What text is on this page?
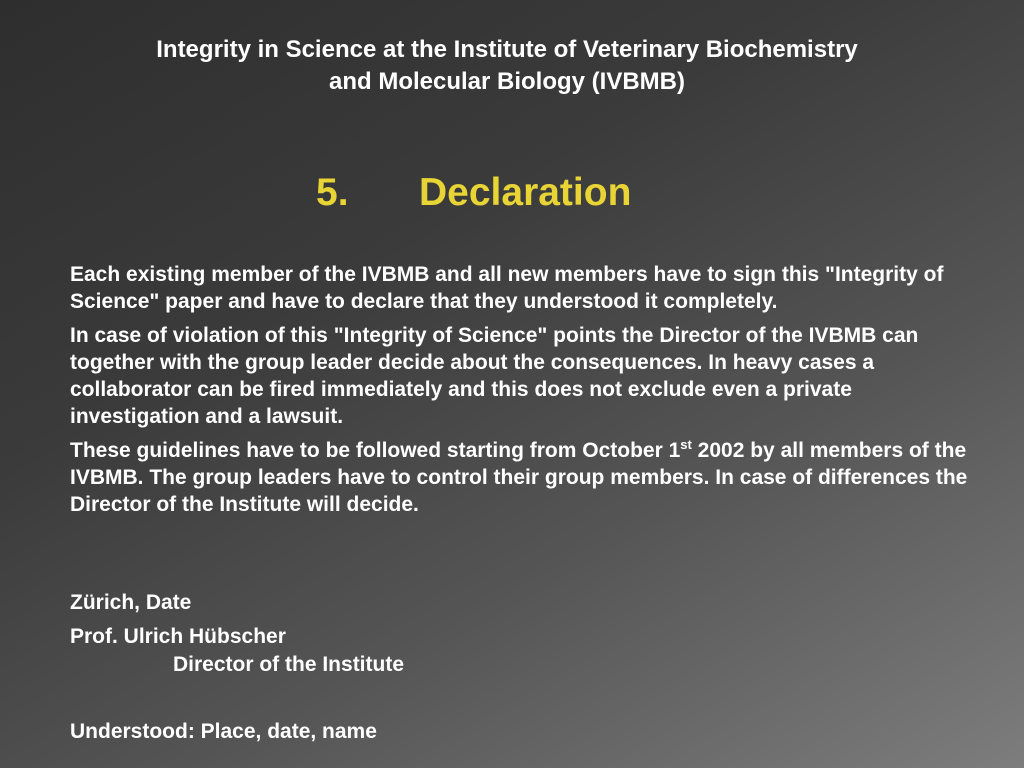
Integrity in Science at the Institute of Veterinary Biochemistry
and Molecular Biology (IVBMB)
5. Declaration

Each existing member of the IVBMB and all new members have to sign this "Integrity of Science" paper and have to declare that they understood it completely.

In case of violation of this "Integrity of Science" points the Director of the IVBMB can together with the group leader decide about the consequences. In heavy cases a collaborator can be fired immediately and this does not exclude even a private investigation and a lawsuit.

These guidelines have to be followed starting from October 1st 2002 by all members of the IVBMB. The group leaders have to control their group members. In case of differences the Director of the Institute will decide.

Zürich, Date
Prof. Ulrich Hübscher
Director of the Institute
Understood: Place, date, name
